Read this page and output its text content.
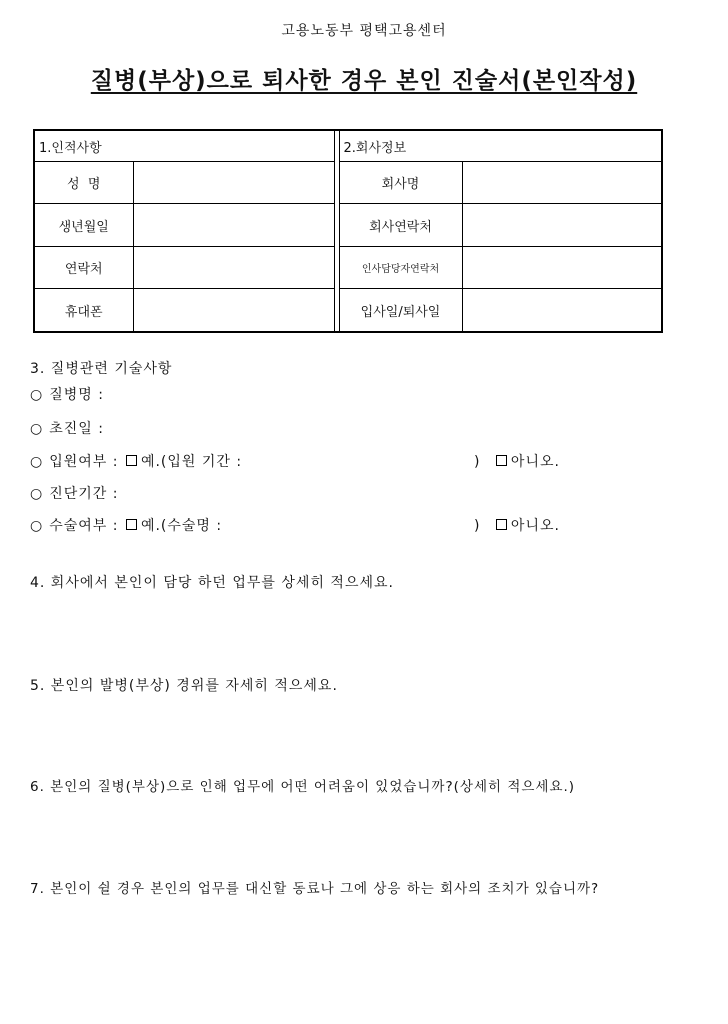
고용노동부 평택고용센터
질병(부상)으로 퇴사한 경우 본인 진술서(본인작성)
1.인적사항			2.회사정보	
성  명			회사명	
생년월일			회사연락처	
연락처			인사담당자연락처	
휴대폰			입사일/퇴사일	
3. 질병관련 기술사항
○ 질병명 :
○ 초진일 :
○ 입원여부 : 예.(입원 기간 :	) 아니오.
○ 진단기간 :
○ 수술여부 : 예.(수술명 :	) 아니오.
4. 회사에서 본인이 담당 하던 업무를 상세히 적으세요.
5. 본인의 발병(부상) 경위를 자세히 적으세요.
6. 본인의 질병(부상)으로 인해 업무에 어떤 어려움이 있었습니까?(상세히 적으세요.)
7. 본인이 쉴 경우 본인의 업무를 대신할 동료나 그에 상응 하는 회사의 조치가 있습니까?
